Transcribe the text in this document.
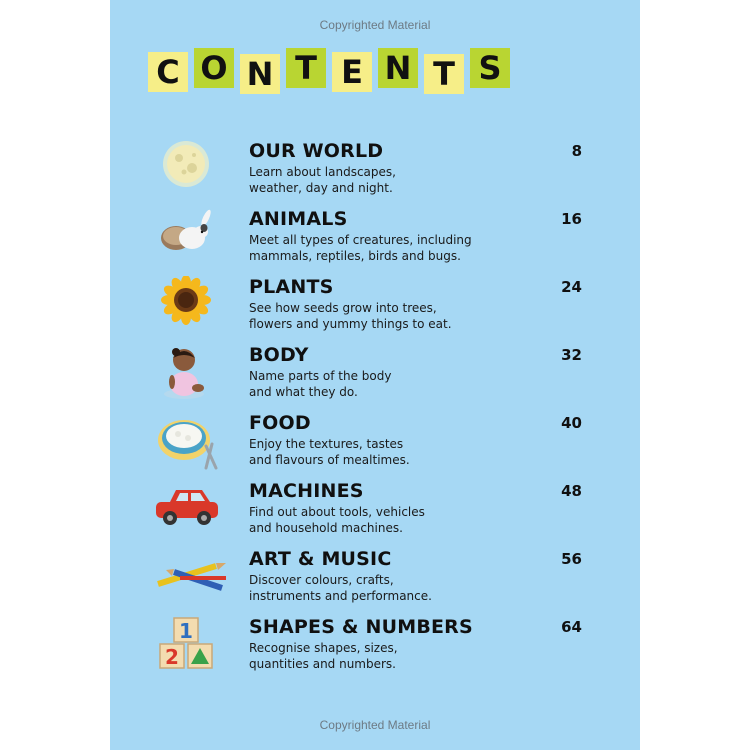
Copyrighted Material
C O N T E N T S
OUR WORLD
Learn about landscapes,
weather, day and night.
8
ANIMALS
Meet all types of creatures, including
mammals, reptiles, birds and bugs.
16
PLANTS
See how seeds grow into trees,
flowers and yummy things to eat.
24
BODY
Name parts of the body
and what they do.
32
FOOD
Enjoy the textures, tastes
and flavours of mealtimes.
40
MACHINES
Find out about tools, vehicles
and household machines.
48
ART & MUSIC
Discover colours, crafts,
instruments and performance.
56
1
2
SHAPES & NUMBERS
Recognise shapes, sizes,
quantities and numbers.
64
Copyrighted Material
